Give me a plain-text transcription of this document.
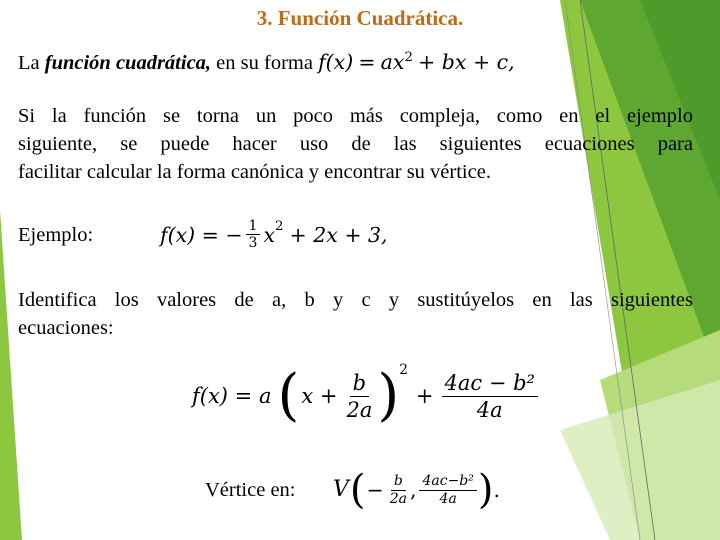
3. Función Cuadrática.
La función cuadrática, en su forma $f(x) = ax^2$ + bx + c,
Si la función se torna un poco más compleja, como en el ejemplo
siguiente, se puede hacer uso de las siguientes ecuaciones para
facilitar calcular la forma canónica y encontrar su vértice.
Ejemplo:	f(x) = − $\frac{1}{3} x^2 + 2x + 3$,
Identifica los valores de a, b y c y sustitúyelos en las siguientes
ecuaciones:
f(x) = a ( $x + \frac{b}{2a} )^2$
+ $\frac{\text{4ac − b²}}{4a}$
Vértice en:	V ( − $\frac{b}{2a}$ , $\frac{\text{4ac−b²}}{4a}$ ) .
